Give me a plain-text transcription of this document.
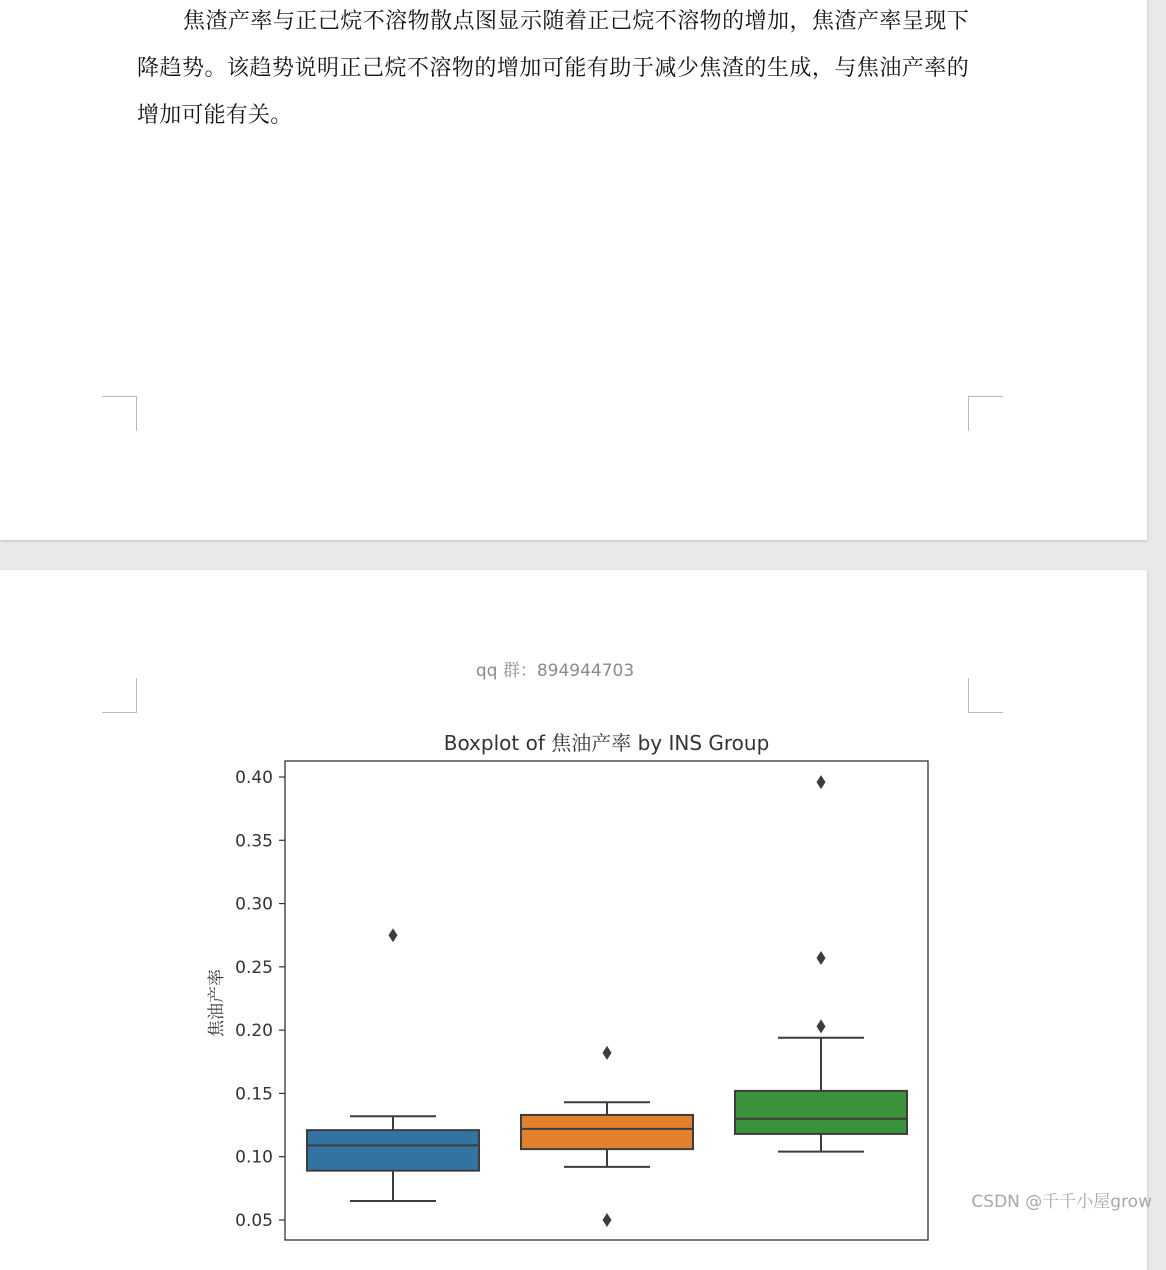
焦渣产率与正己烷不溶物散点图显示随着正己烷不溶物的增加，焦渣产率呈现下降趋势。该趋势说明正己烷不溶物的增加可能有助于减少焦渣的生成，与焦油产率的增加可能有关。

qq 群：894944703
Boxplot of 焦油产率 by INS Group
0.05
0.10
0.15
0.20
0.25
0.30
0.35
0.40
焦油产率
CSDN @千千小屋grow
